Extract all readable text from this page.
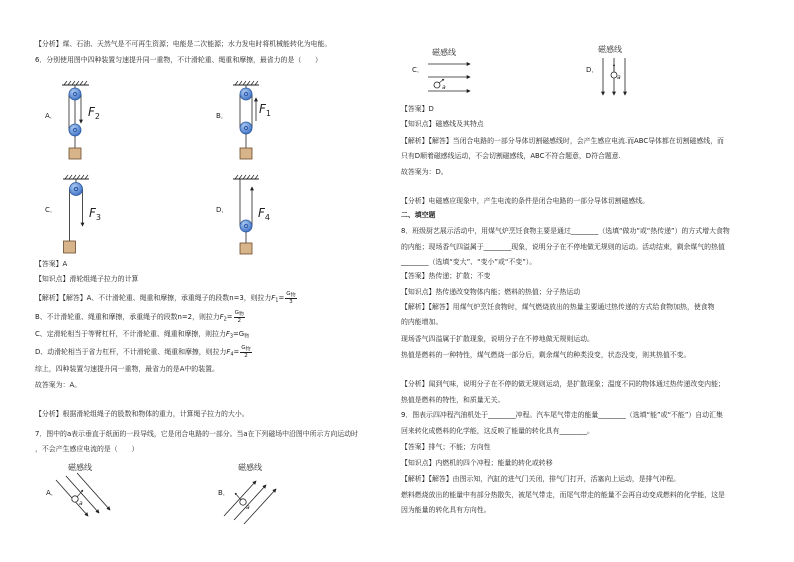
【分析】煤、石油、天然气是不可再生资源；电能是二次能源；水力发电时将机械能转化为电能。
6．分别使用图中四种装置匀速提升同一重物，不计滑轮重、绳重和摩擦，最省力的是（　　）
【答案】A
【知识点】滑轮组绳子拉力的计算
【解析】【解答】A、不计滑轮重、绳重和摩擦，承重绳子的段数n=3，则拉力$F_1= \frac{G_物}{3}$
B、不计滑轮重、绳重和摩擦，承重绳子的段数n=2，则拉力$F_2= \frac{G_物}{2}$
C、定滑轮相当于等臂杠杆，不计滑轮重、绳重和摩擦，则拉力$F_3=G_物$
D、动滑轮相当于省力杠杆，不计滑轮重、绳重和摩擦，则拉力$F_4= \frac{G_物}{2}$
综上，四种装置匀速提升同一重物，最省力的是A中的装置。
故答案为：A。
【分析】根据滑轮组绳子的股数和物体的重力，计算绳子拉力的大小。
7．图中的a表示垂直于纸面的一段导线，它是闭合电路的一部分。当a在下列磁场中沿图中所示方向运动时
，不会产生感应电流的是（　　）
【答案】D
【知识点】磁感线及其特点
【解析】【解答】当闭合电路的一部分导体切割磁感线时，会产生感应电流.而ABC导体都在切割磁感线，而
只有D顺着磁感线运动，不会切割磁感线，ABC不符合题意，D符合题意.
故答案为：D。
【分析】电磁感应现象中，产生电流的条件是闭合电路的一部分导体切割磁感线。
二、填空题
8．班级厨艺展示活动中，用煤气炉烹饪食物主要是通过________（选填“做功”或“热传递”）的方式增大食物
的内能；现场香气四溢属于________现象，说明分子在不停地做无规则的运动。活动结束，剩余煤气的热值
________（选填“变大”、“变小”或“不变”）。
【答案】热传递；扩散；不变
【知识点】热传递改变物体内能；燃料的热值；分子热运动
【解析】【解答】用煤气炉烹饪食物时，煤气燃烧放出的热量主要通过热传递的方式给食物加热，使食物
的内能增加。
现场香气四溢属于扩散现象，说明分子在不停地做无规则运动。
热值是燃料的一种特性，煤气燃烧一部分后，剩余煤气的种类没变，状态没变，则其热值不变。
【分析】闻到气味，说明分子在不停的做无规则运动，是扩散现象；温度不同的物体通过热传递改变内能；
热值是燃料的特性，和质量无关。
9．图表示四冲程汽油机处于________冲程。汽车尾气带走的能量________（选填“能”或“不能”）自动汇集
回来转化成燃料的化学能，这反映了能量的转化具有________。
【答案】排气；不能；方向性
【知识点】内燃机的四个冲程；能量的转化或转移
【解析】【解答】由图示知，汽缸的进气门关闭，排气门打开，活塞向上运动，是排气冲程。
燃料燃烧放出的能量中有部分热散失，被尾气带走，而尾气带走的能量不会再自动变成燃料的化学能，这是
因为能量的转化具有方向性。
A．	B．
C．	D．
$F_2$
$F_1$
$F_3$	$F_4$
A．
磁感线
a
B．
磁感线
a
C．
磁感线
a
D．
磁感线
a
